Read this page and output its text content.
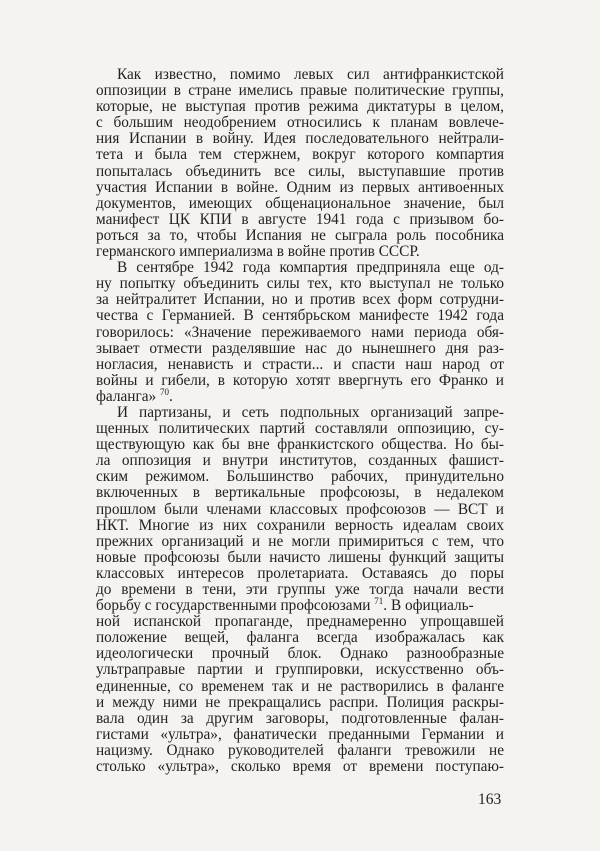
Как известно, помимо левых сил антифранкистской
оппозиции в стране имелись правые политические группы,
которые, не выступая против режима диктатуры в целом,
с большим неодобрением относились к планам вовлече-
ния Испании в войну. Идея последовательного нейтрали-
тета и была тем стержнем, вокруг которого компартия
попыталась объединить все силы, выступавшие против
участия Испании в войне. Одним из первых антивоенных
документов, имеющих общенациональное значение, был
манифест ЦК КПИ в августе 1941 года с призывом бо-
роться за то, чтобы Испания не сыграла роль пособника
германского империализма в войне против СССР.
В сентябре 1942 года компартия предприняла еще од-
ну попытку объединить силы тех, кто выступал не только
за нейтралитет Испании, но и против всех форм сотрудни-
чества с Германией. В сентябрьском манифесте 1942 года
говорилось: «Значение переживаемого нами периода обя-
зывает отмести разделявшие нас до нынешнего дня раз-
ногласия, ненависть и страсти... и спасти наш народ от
войны и гибели, в которую хотят ввергнуть его Франко и
фаланга» $^{70}$.
И партизаны, и сеть подпольных организаций запре-
щенных политических партий составляли оппозицию, су-
ществующую как бы вне франкистского общества. Но бы-
ла оппозиция и внутри институтов, созданных фашист-
ским режимом. Большинство рабочих, принудительно
включенных в вертикальные профсоюзы, в недалеком
прошлом были членами классовых профсоюзов — ВСТ и
НКТ. Многие из них сохранили верность идеалам своих
прежних организаций и не могли примириться с тем, что
новые профсоюзы были начисто лишены функций защиты
классовых интересов пролетариата. Оставаясь до поры
до времени в тени, эти группы уже тогда начали вести
борьбу с государственными профсоюзами $^{71}$. В официаль-
ной испанской пропаганде, преднамеренно упрощавшей
положение вещей, фаланга всегда изображалась как
идеологически прочный блок. Однако разнообразные
ультраправые партии и группировки, искусственно объ-
единенные, со временем так и не растворились в фаланге
и между ними не прекращались распри. Полиция раскры-
вала один за другим заговоры, подготовленные фалан-
гистами «ультра», фанатически преданными Германии и
нацизму. Однако руководителей фаланги тревожили не
столько «ультра», сколько время от времени поступаю-
163
